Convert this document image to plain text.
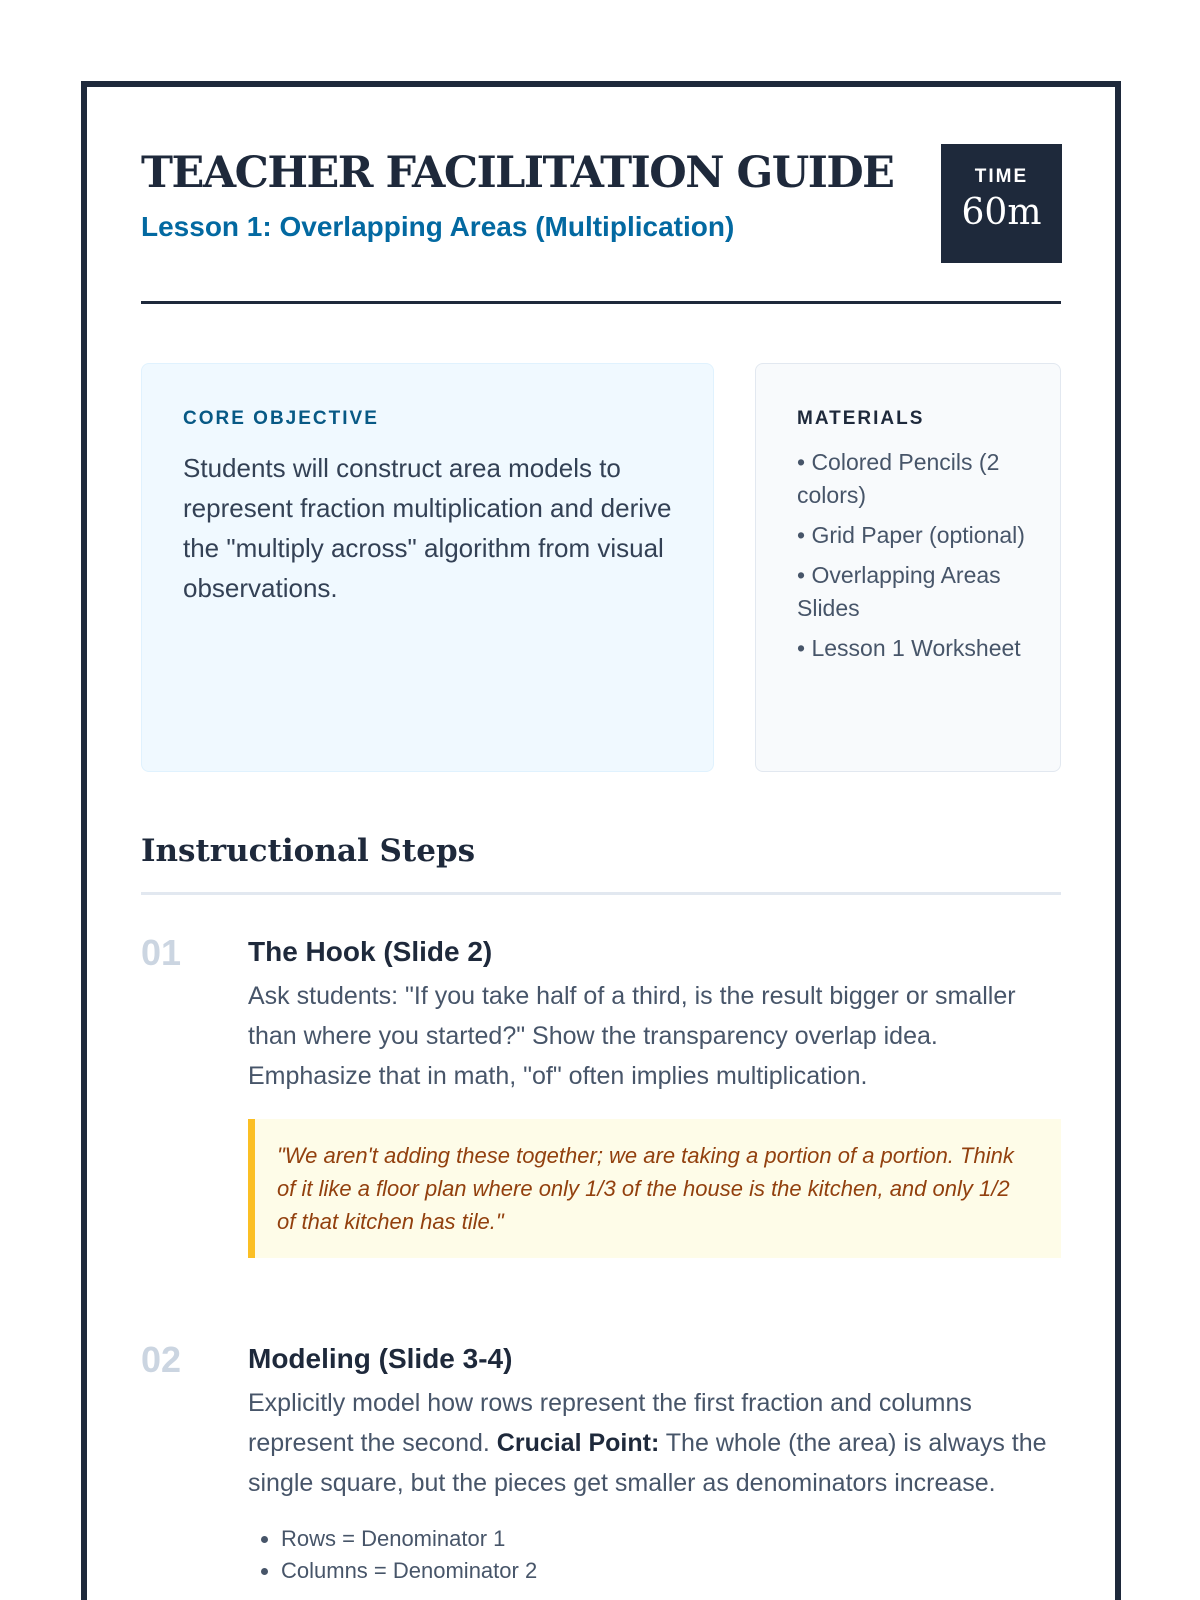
TEACHER FACILITATION GUIDE
Lesson 1: Overlapping Areas (Multiplication)
TIME
60m
CORE OBJECTIVE
Students will construct area models to represent fraction multiplication and derive the "multiply across" algorithm from visual observations.
MATERIALS
• Colored Pencils (2 colors)
• Grid Paper (optional)
• Overlapping Areas Slides
• Lesson 1 Worksheet
Instructional Steps
01 The Hook (Slide 2)
Ask students: "If you take half of a third, is the result bigger or smaller than where you started?" Show the transparency overlap idea. Emphasize that in math, "of" often implies multiplication.
"We aren't adding these together; we are taking a portion of a portion. Think of it like a floor plan where only 1/3 of the house is the kitchen, and only 1/2 of that kitchen has tile."
02 Modeling (Slide 3-4)
Explicitly model how rows represent the first fraction and columns represent the second. Crucial Point: The whole (the area) is always the single square, but the pieces get smaller as denominators increase.
• Rows = Denominator 1
• Columns = Denominator 2
